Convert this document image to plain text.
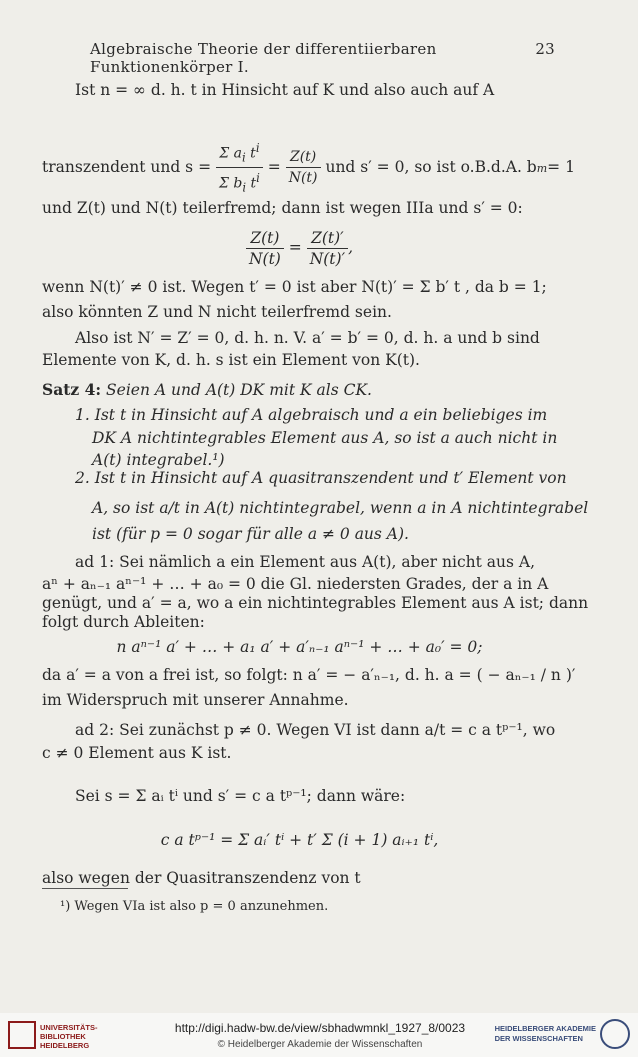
Algebraische Theorie der differentiierbaren Funktionenkörper I.
23
Ist n = ∞ d. h. t in Hinsicht auf K und also auch auf A
transzendent und $s = \frac{\Sigma a_i t^i}{\Sigma b_i t^i} = \frac{Z(t)}{N(t)}$ und s′ = 0, so ist o.B.d.A. bm= 1
und Z(t) und N(t) teilerfremd; dann ist wegen IIIa und s′ = 0:
$\frac{Z(t)}{N(t)} = \frac{Z(t)'}{N(t)'}$ ,
wenn N(t)′ ≠ 0 ist. Wegen t′ = 0 ist aber N(t)′ = Σ b′ t , da b = 1;
also könnten Z und N nicht teilerfremd sein.
Also ist N′ = Z′ = 0, d. h. n. V. a′ = b′ = 0, d. h. a und b sind
Elemente von K, d. h. s ist ein Element von K(t).
Satz 4: Seien A und A(t) DK mit K als CK.
1. Ist t in Hinsicht auf A algebraisch und a ein beliebiges im
DK A nichtintegrables Element aus A, so ist a auch nicht in
A(t) integrabel.¹)
2. Ist t in Hinsicht auf A quasitranszendent und t′ Element von
A, so ist a/t in A(t) nichtintegrabel, wenn a in A nichtintegrabel
ist (für p = 0 sogar für alle a ≠ 0 aus A).
ad 1: Sei nämlich a ein Element aus A(t), aber nicht aus A,
aⁿ + aₙ₋₁ aⁿ⁻¹ + … + a₀ = 0 die Gl. niedersten Grades, der a in A
genügt, und a′ = a, wo a ein nichtintegrables Element aus A ist; dann
folgt durch Ableiten:
n aⁿ⁻¹ a′ + … + a₁ a′ + a′ₙ₋₁ aⁿ⁻¹ + … + a₀′ = 0;
da a′ = a von a frei ist, so folgt: n a′ = − a′ₙ₋₁, d. h. a = ( − aₙ₋₁ / n )′
im Widerspruch mit unserer Annahme.
ad 2: Sei zunächst p ≠ 0. Wegen VI ist dann a/t = c a tᵖ⁻¹, wo
c ≠ 0 Element aus K ist.
Sei s = Σ aᵢ tⁱ und s′ = c a tᵖ⁻¹; dann wäre:
c a tᵖ⁻¹ = Σ aᵢ′ tⁱ + t′ Σ (i + 1) aᵢ₊₁ tⁱ,
also wegen der Quasitranszendenz von t
¹) Wegen VIa ist also p = 0 anzunehmen.
UNIVERSITÄTS-
BIBLIOTHEK
HEIDELBERG
http://digi.hadw-bw.de/view/sbhadwmnkl_1927_8/0023
© Heidelberger Akademie der Wissenschaften
HEIDELBERGER AKADEMIE
DER WISSENSCHAFTEN
